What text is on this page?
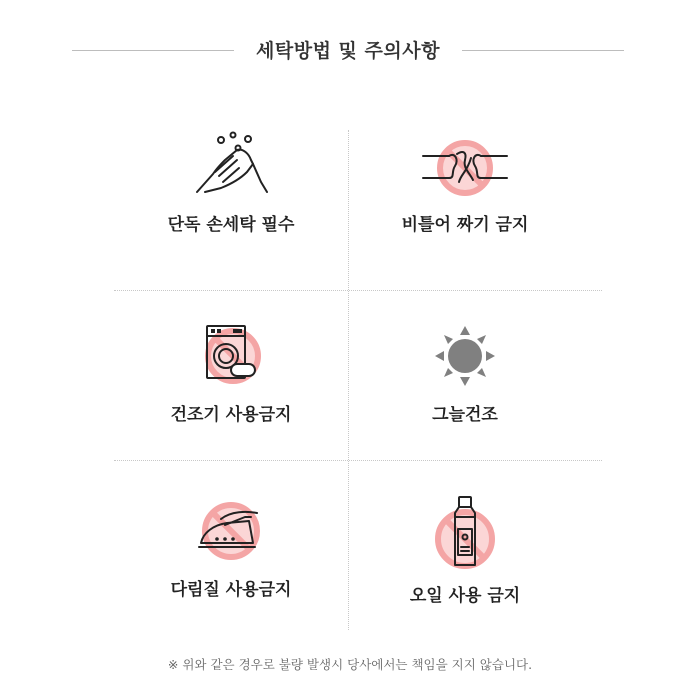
세탁방법 및 주의사항
단독 손세탁 필수	비틀어 짜기 금지
건조기 사용금지	그늘건조
다림질 사용금지	오일 사용 금지
※ 위와 같은 경우로 불량 발생시 당사에서는 책임을 지지 않습니다.
